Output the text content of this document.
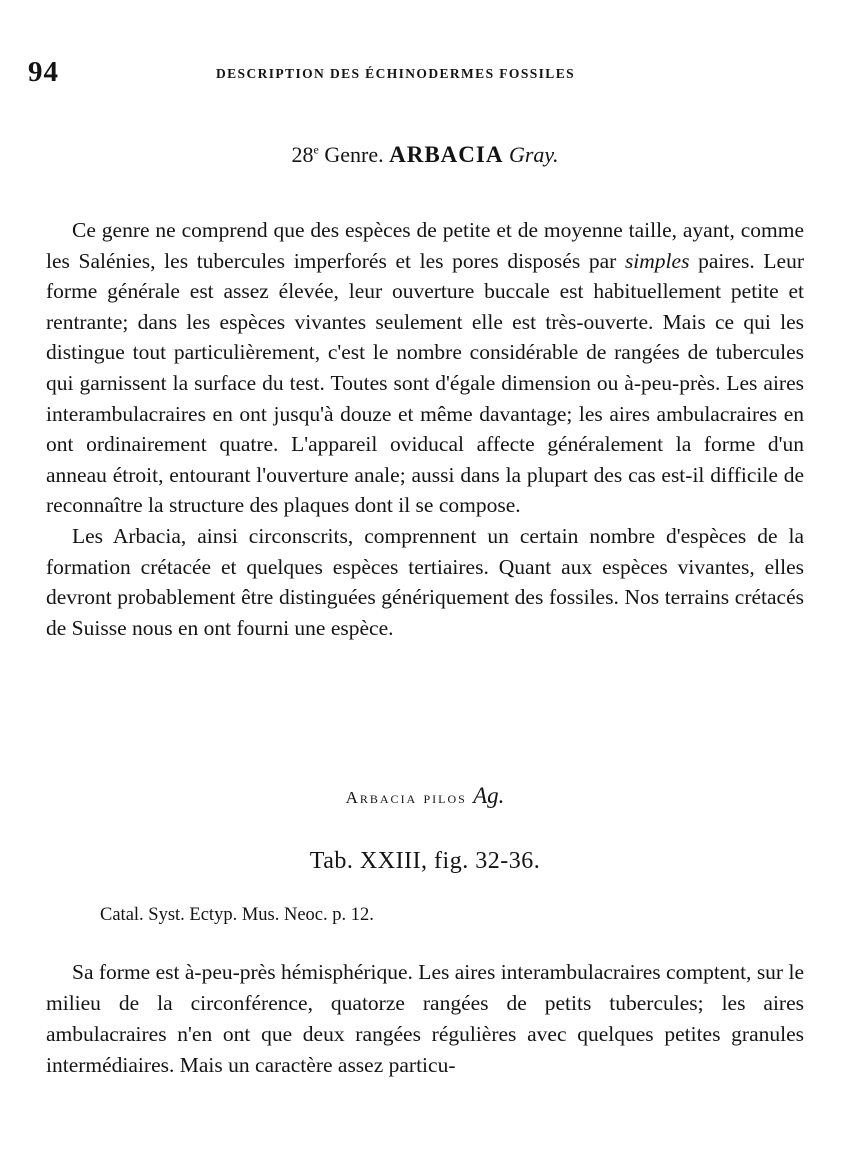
94	DESCRIPTION DES ÉCHINODERMES FOSSILES
28e Genre. ARBACIA Gray.

Ce genre ne comprend que des espèces de petite et de moyenne taille, ayant, comme les Salénies, les tubercules imperforés et les pores disposés par simples paires. Leur forme générale est assez élevée, leur ouverture buccale est habituellement petite et rentrante; dans les espèces vivantes seulement elle est très-ouverte. Mais ce qui les distingue tout particulièrement, c'est le nombre considérable de rangées de tubercules qui garnissent la surface du test. Toutes sont d'égale dimension ou à-peu-près. Les aires interambulacraires en ont jusqu'à douze et même davantage; les aires ambulacraires en ont ordinairement quatre. L'appareil oviducal affecte généralement la forme d'un anneau étroit, entourant l'ouverture anale; aussi dans la plupart des cas est-il difficile de reconnaître la structure des plaques dont il se compose.

Les Arbacia, ainsi circonscrits, comprennent un certain nombre d'espèces de la formation crétacée et quelques espèces tertiaires. Quant aux espèces vivantes, elles devront probablement être distinguées génériquement des fossiles. Nos terrains crétacés de Suisse nous en ont fourni une espèce.

Arbacia pilos Ag.
Tab. XXIII, fig. 32-36.
Catal. Syst. Ectyp. Mus. Neoc. p. 12.

Sa forme est à-peu-près hémisphérique. Les aires interambulacraires comptent, sur le milieu de la circonférence, quatorze rangées de petits tubercules; les aires ambulacraires n'en ont que deux rangées régulières avec quelques petites granules intermédiaires. Mais un caractère assez particu-
